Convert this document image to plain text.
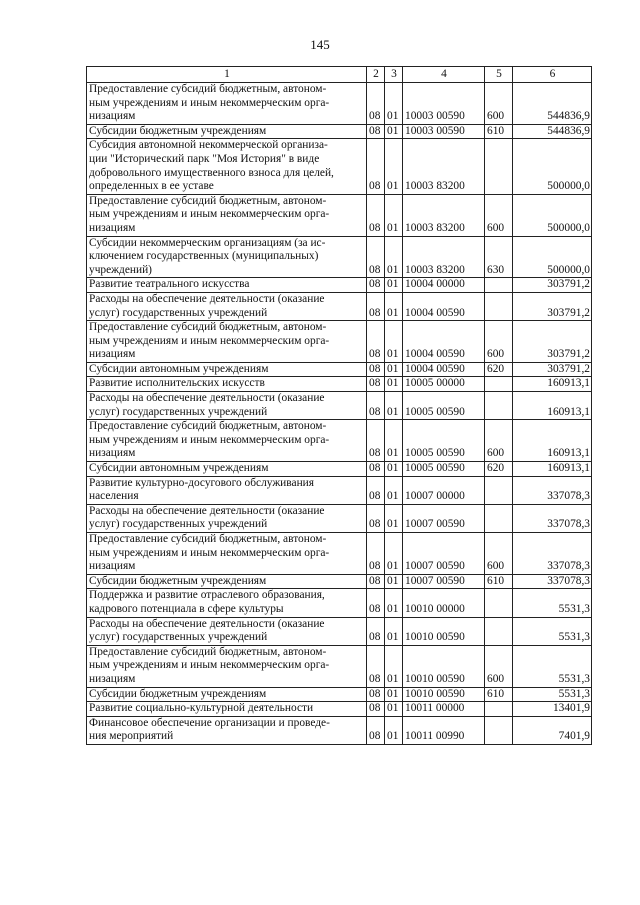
145
1	2	3	4	5	6
Предоставление субсидий бюджетным, автоном-
ным учреждениям и иным некоммерческим орга-
низациям	08	01	10003 00590	600	544836,9
Субсидии бюджетным учреждениям	08	01	10003 00590	610	544836,9
Субсидия автономной некоммерческой организа-
ции "Исторический парк "Моя История" в виде
добровольного имущественного взноса для целей,
определенных в ее уставе	08	01	10003 83200		500000,0
Предоставление субсидий бюджетным, автоном-
ным учреждениям и иным некоммерческим орга-
низациям	08	01	10003 83200	600	500000,0
Субсидии некоммерческим организациям (за ис-
ключением государственных (муниципальных)
учреждений)	08	01	10003 83200	630	500000,0
Развитие театрального искусства	08	01	10004 00000		303791,2
Расходы на обеспечение деятельности (оказание
услуг) государственных учреждений	08	01	10004 00590		303791,2
Предоставление субсидий бюджетным, автоном-
ным учреждениям и иным некоммерческим орга-
низациям	08	01	10004 00590	600	303791,2
Субсидии автономным учреждениям	08	01	10004 00590	620	303791,2
Развитие исполнительских искусств	08	01	10005 00000		160913,1
Расходы на обеспечение деятельности (оказание
услуг) государственных учреждений	08	01	10005 00590		160913,1
Предоставление субсидий бюджетным, автоном-
ным учреждениям и иным некоммерческим орга-
низациям	08	01	10005 00590	600	160913,1
Субсидии автономным учреждениям	08	01	10005 00590	620	160913,1
Развитие культурно-досугового обслуживания
населения	08	01	10007 00000		337078,3
Расходы на обеспечение деятельности (оказание
услуг) государственных учреждений	08	01	10007 00590		337078,3
Предоставление субсидий бюджетным, автоном-
ным учреждениям и иным некоммерческим орга-
низациям	08	01	10007 00590	600	337078,3
Субсидии бюджетным учреждениям	08	01	10007 00590	610	337078,3
Поддержка и развитие отраслевого образования,
кадрового потенциала в сфере культуры	08	01	10010 00000		5531,3
Расходы на обеспечение деятельности (оказание
услуг) государственных учреждений	08	01	10010 00590		5531,3
Предоставление субсидий бюджетным, автоном-
ным учреждениям и иным некоммерческим орга-
низациям	08	01	10010 00590	600	5531,3
Субсидии бюджетным учреждениям	08	01	10010 00590	610	5531,3
Развитие социально-культурной деятельности	08	01	10011 00000		13401,9
Финансовое обеспечение организации и проведе-
ния мероприятий	08	01	10011 00990		7401,9
